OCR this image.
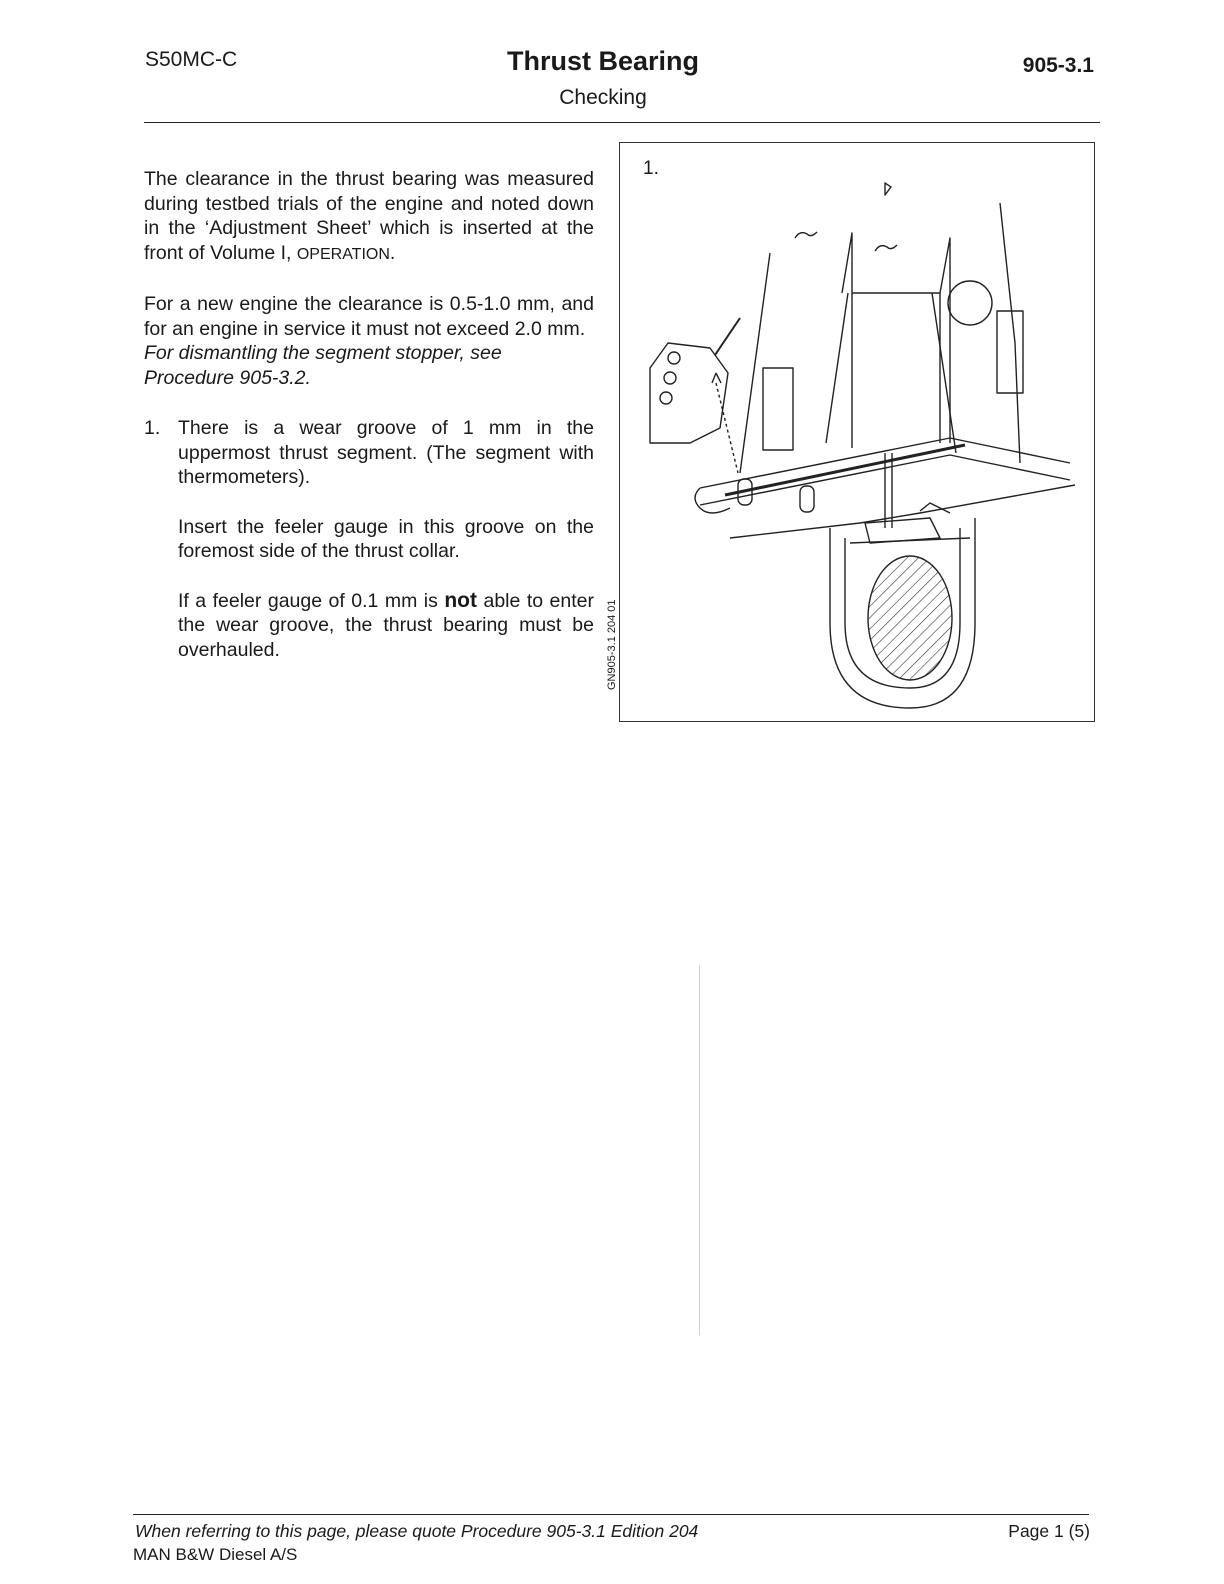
S50MC-C	Thrust Bearing
Checking
905-3.1

The clearance in the thrust bearing was measured during testbed trials of the engine and noted down in the ‘Adjustment Sheet’ which is inserted at the front of Volume I, OPERATION.

For a new engine the clearance is 0.5-1.0 mm, and for an engine in service it must not exceed 2.0 mm.

For dismantling the segment stopper, see Procedure 905-3.2.

1. There is a wear groove of 1 mm in the uppermost thrust segment. (The segment with thermometers).

Insert the feeler gauge in this groove on the foremost side of the thrust collar.

If a feeler gauge of 0.1 mm is not able to enter the wear groove, the thrust bearing must be overhauled.

1.
GN905-3.1 204 01
When referring to this page, please quote Procedure 905-3.1 Edition 204	Page 1 (5)
MAN B&W Diesel A/S
